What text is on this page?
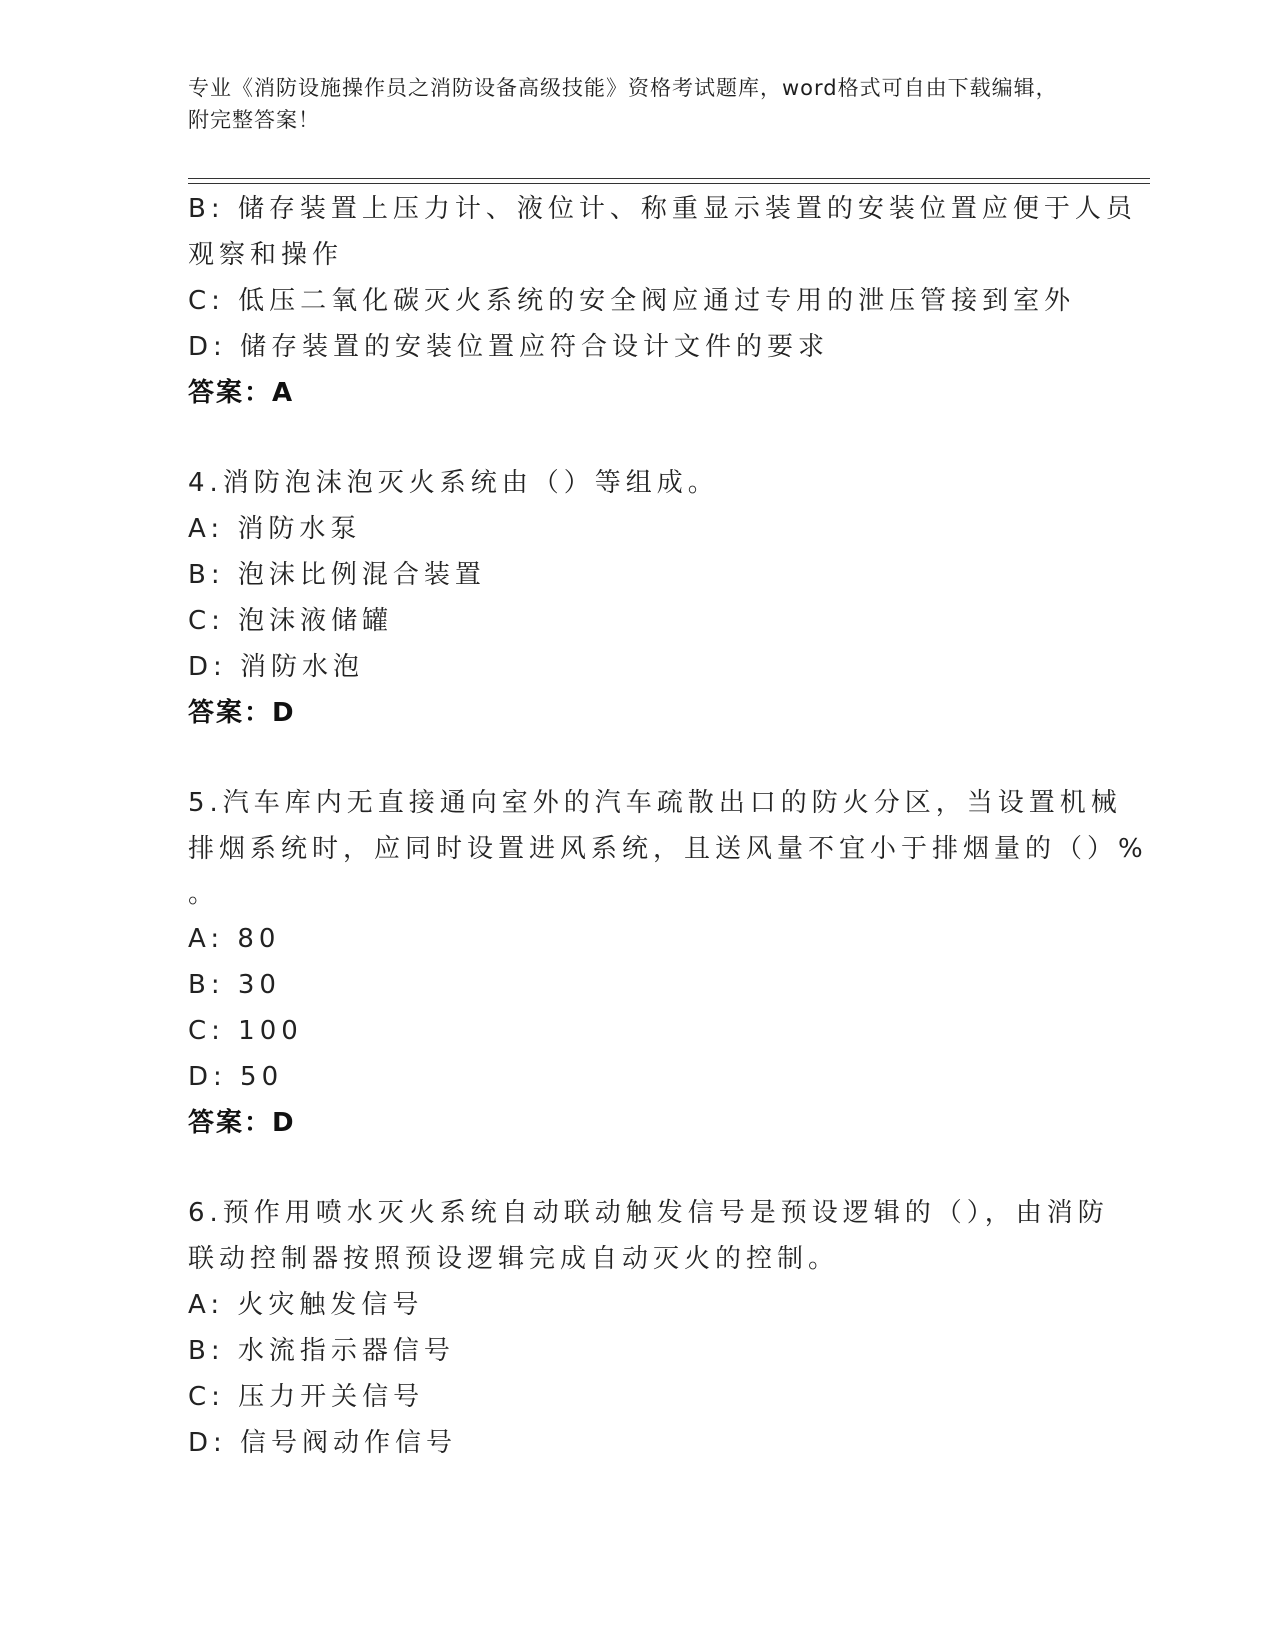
专业《消防设施操作员之消防设备高级技能》资格考试题库，word格式可自由下载编辑，附完整答案！
B: 储存装置上压力计、液位计、称重显示装置的安装位置应便于人员
观察和操作
C: 低压二氧化碳灭火系统的安全阀应通过专用的泄压管接到室外
D: 储存装置的安装位置应符合设计文件的要求
答案：A
4.消防泡沫泡灭火系统由（）等组成。
A: 消防水泵
B: 泡沫比例混合装置
C: 泡沫液储罐
D: 消防水泡
答案：D
5.汽车库内无直接通向室外的汽车疏散出口的防火分区，当设置机械
排烟系统时，应同时设置进风系统，且送风量不宜小于排烟量的（）%
。
A: 80
B: 30
C: 100
D: 50
答案：D
6.预作用喷水灭火系统自动联动触发信号是预设逻辑的（），由消防
联动控制器按照预设逻辑完成自动灭火的控制。
A: 火灾触发信号
B: 水流指示器信号
C: 压力开关信号
D: 信号阀动作信号
